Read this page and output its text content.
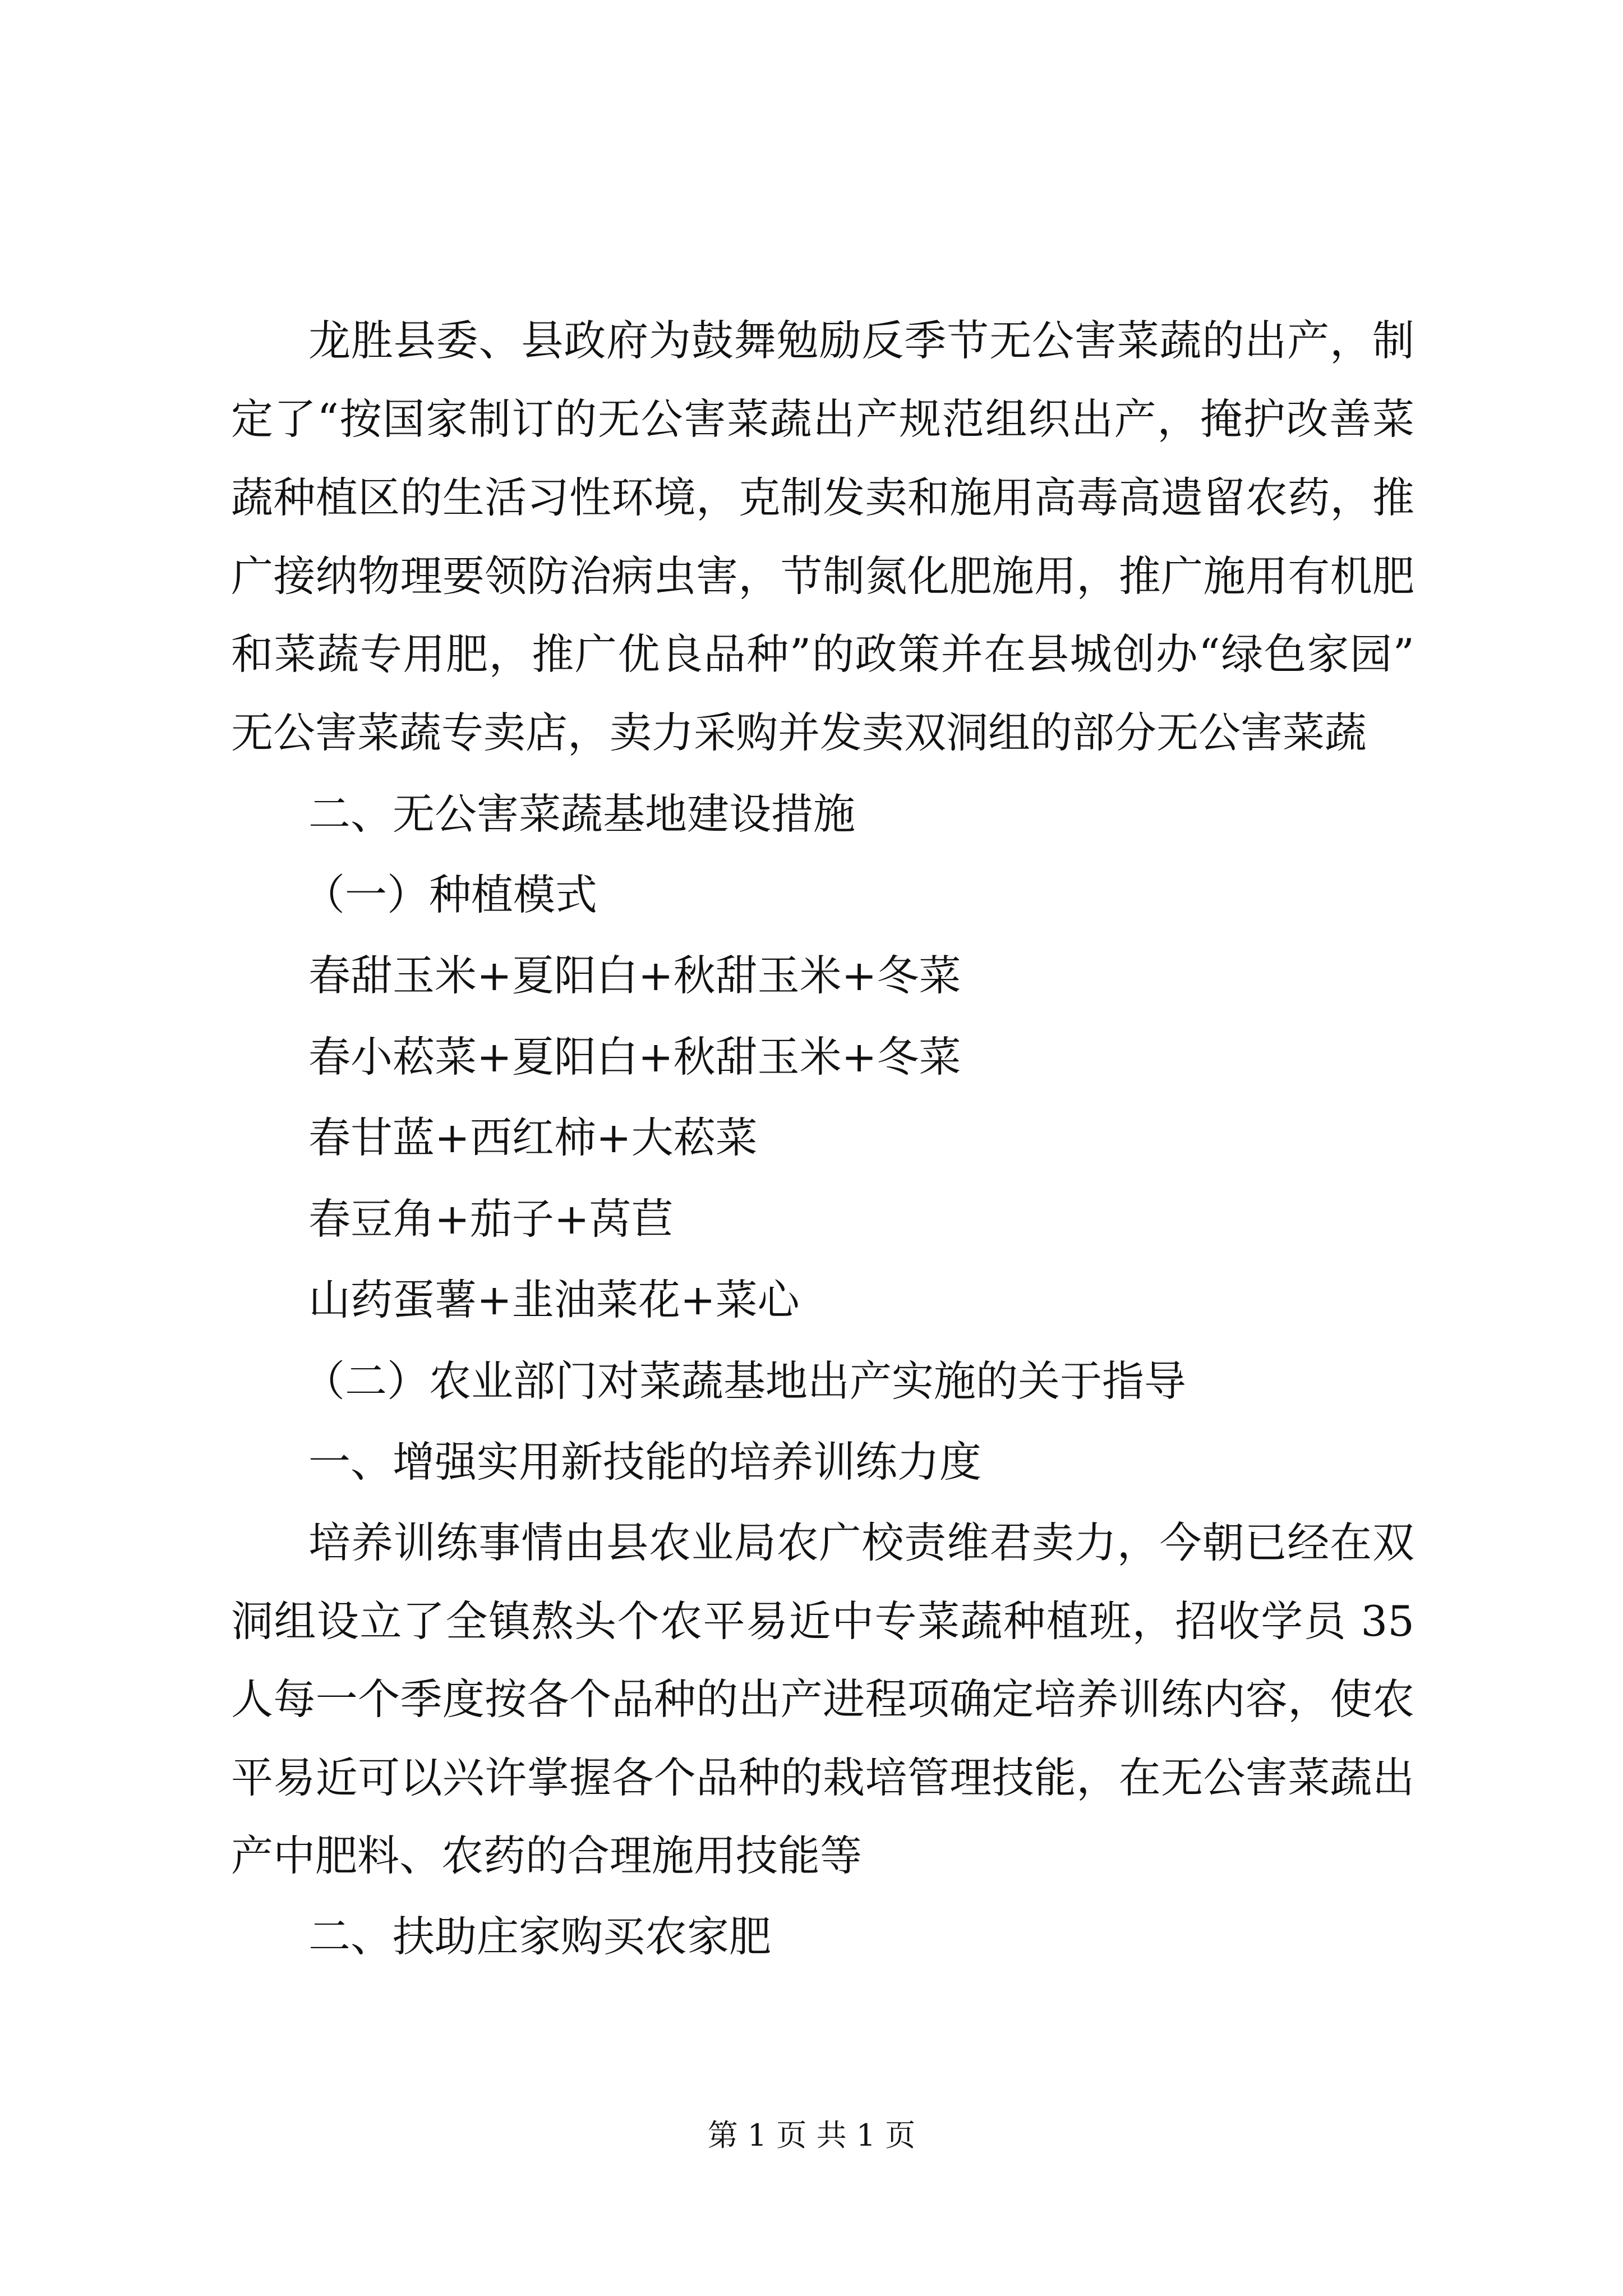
龙胜县委、县政府为鼓舞勉励反季节无公害菜蔬的出产，制
定了“按国家制订的无公害菜蔬出产规范组织出产，掩护改善菜
蔬种植区的生活习性环境，克制发卖和施用高毒高遗留农药，推
广接纳物理要领防治病虫害，节制氮化肥施用，推广施用有机肥
和菜蔬专用肥，推广优良品种”的政策并在县城创办“绿色家园”
无公害菜蔬专卖店，卖力采购并发卖双洞组的部分无公害菜蔬
二、无公害菜蔬基地建设措施
（一）种植模式
春甜玉米+夏阳白+秋甜玉米+冬菜
春小菘菜+夏阳白+秋甜玉米+冬菜
春甘蓝+西红柿+大菘菜
春豆角+茄子+莴苣
山药蛋薯+韭油菜花+菜心
（二）农业部门对菜蔬基地出产实施的关于指导
一、增强实用新技能的培养训练力度
培养训练事情由县农业局农广校责维君卖力，今朝已经在双
洞组设立了全镇熬头个农平易近中专菜蔬种植班，招收学员 35
人每一个季度按各个品种的出产进程项确定培养训练内容，使农
平易近可以兴许掌握各个品种的栽培管理技能，在无公害菜蔬出
产中肥料、农药的合理施用技能等
二、扶助庄家购买农家肥
第 1 页 共 1 页
